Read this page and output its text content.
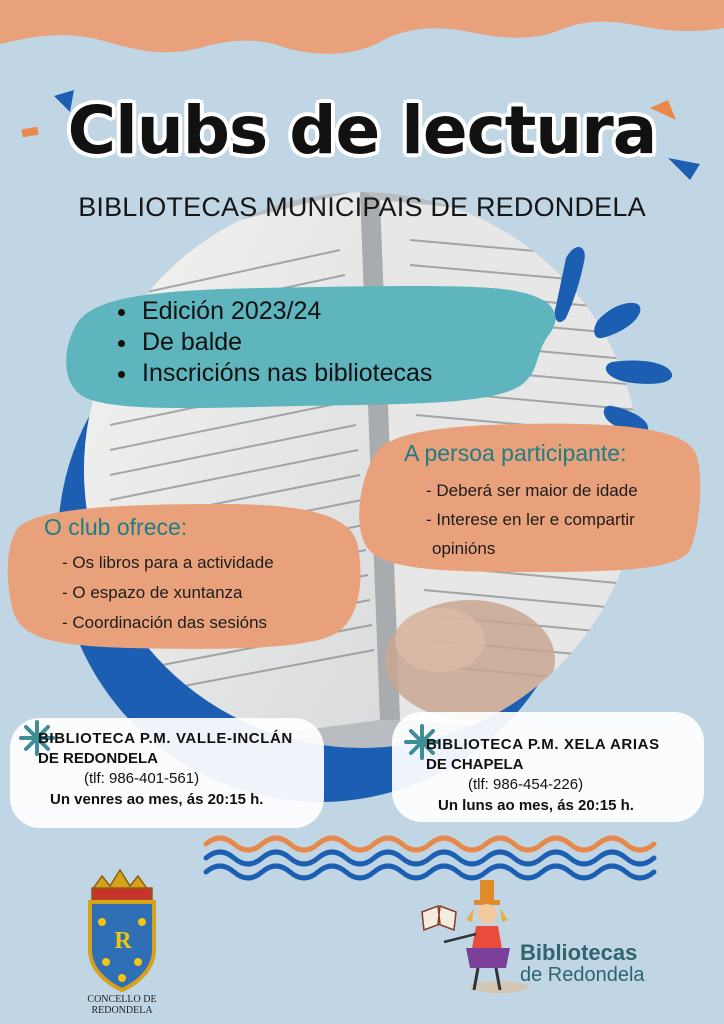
Clubs de lectura
BIBLIOTECAS MUNICIPAIS DE REDONDELA
Edición 2023/24
De balde
Inscricións nas bibliotecas
A persoa participante:
- Deberá ser maior de idade
- Interese en ler e compartir
opinións
O club ofrece:
- Os libros para a actividade
- O espazo de xuntanza
- Coordinación das sesións
BIBLIOTECA P.M. VALLE-INCLÁN
DE REDONDELA
(tlf: 986-401-561)
Un venres ao mes, ás 20:15 h.
BIBLIOTECA P.M. XELA ARIAS
DE CHAPELA
(tlf: 986-454-226)
Un luns ao mes, ás 20:15 h.
R
CONCELLO DE
REDONDELA
Bibliotecas
de Redondela
